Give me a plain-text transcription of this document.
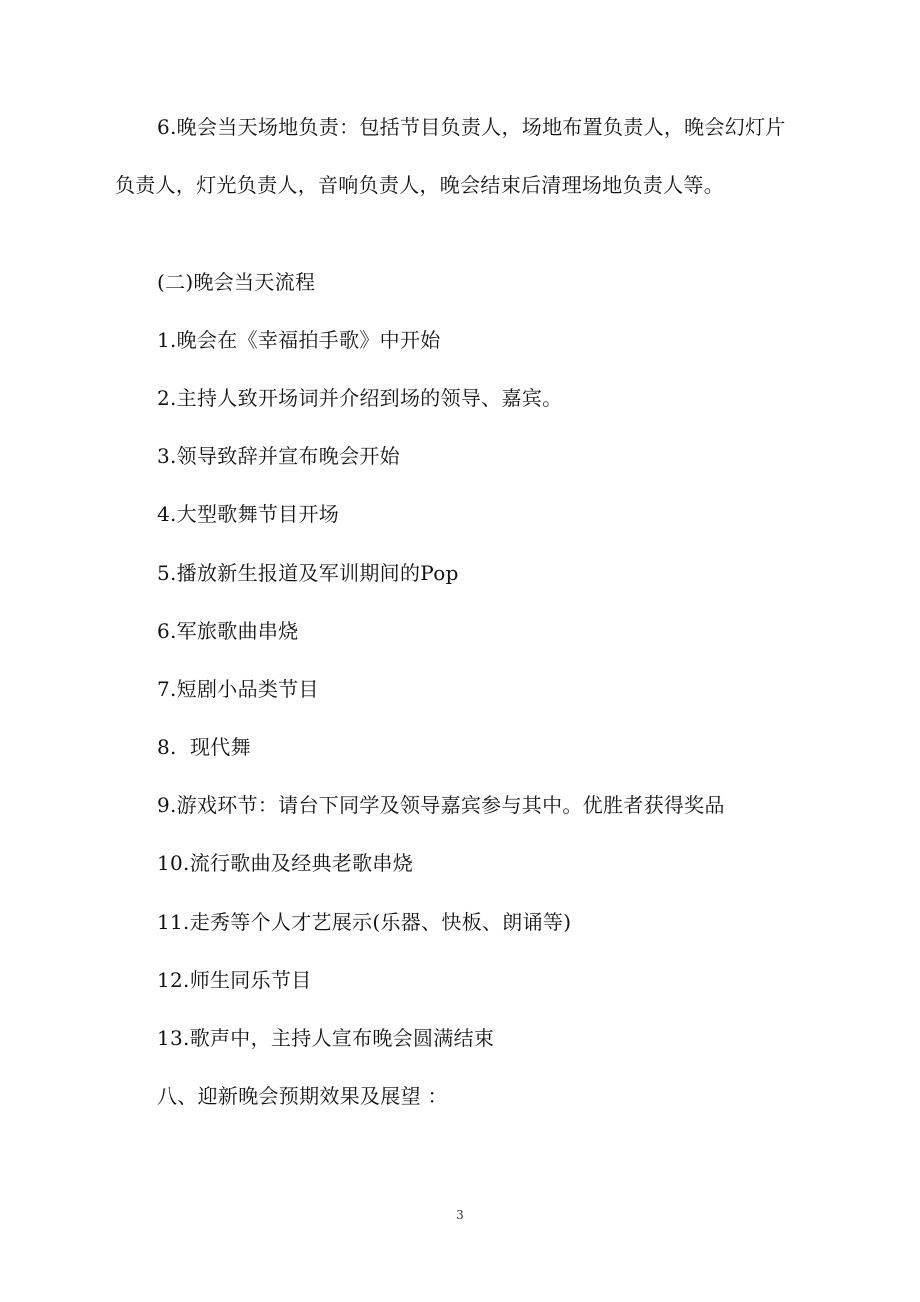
6.晚会当天场地负责：包括节目负责人，场地布置负责人，晚会幻灯片负责人，灯光负责人，音响负责人，晚会结束后清理场地负责人等。

(二)晚会当天流程

1.晚会在《幸福拍手歌》中开始

2.主持人致开场词并介绍到场的领导、嘉宾。

3.领导致辞并宣布晚会开始

4.大型歌舞节目开场

5.播放新生报道及军训期间的Pop

6.军旅歌曲串烧

7.短剧小品类节目

8.  现代舞

9.游戏环节：请台下同学及领导嘉宾参与其中。优胜者获得奖品

10.流行歌曲及经典老歌串烧

11.走秀等个人才艺展示(乐器、快板、朗诵等)

12.师生同乐节目

13.歌声中，主持人宣布晚会圆满结束

八、迎新晚会预期效果及展望 ：

3
